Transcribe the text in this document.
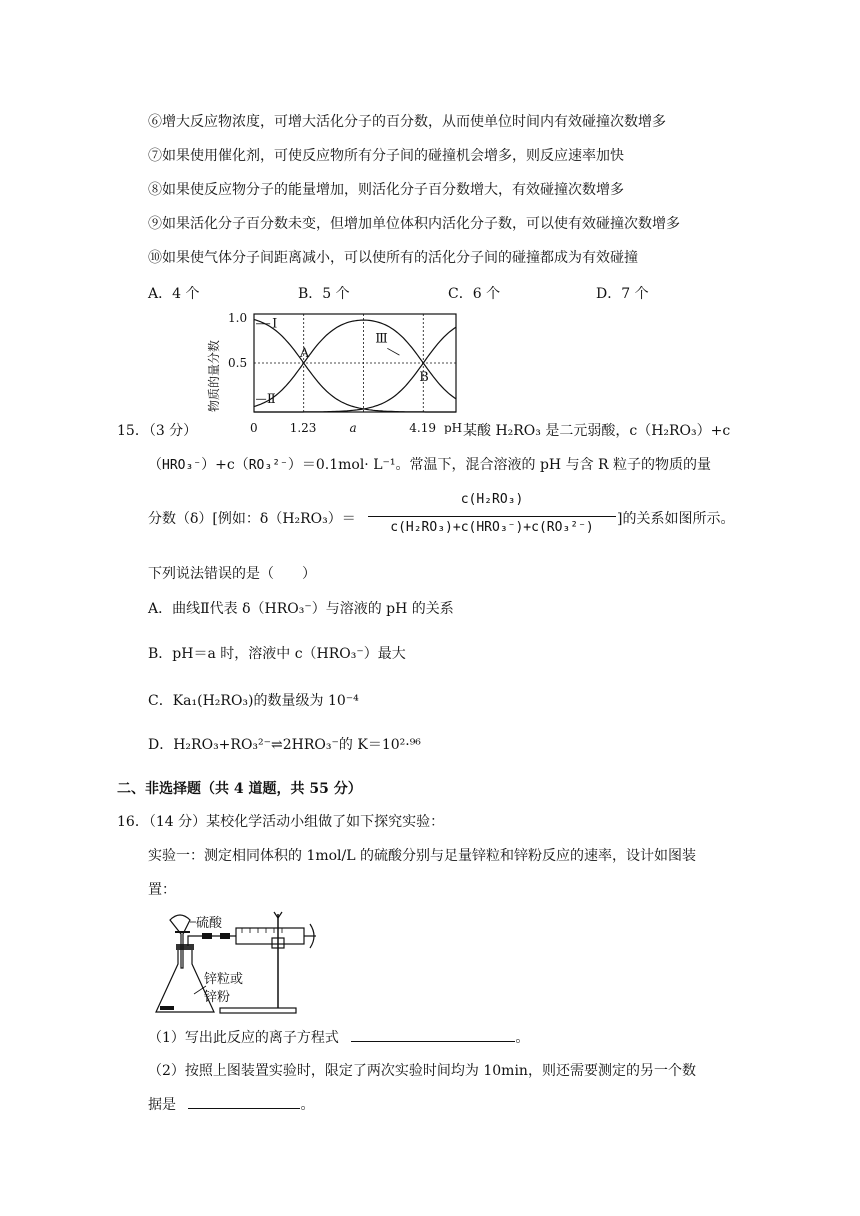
⑥增大反应物浓度，可增大活化分子的百分数，从而使单位时间内有效碰撞次数增多
⑦如果使用催化剂，可使反应物所有分子间的碰撞机会增多，则反应速率加快
⑧如果使反应物分子的能量增加，则活化分子百分数增大，有效碰撞次数增多
⑨如果活化分子百分数未变，但增加单位体积内活化分子数，可以使有效碰撞次数增多
⑩如果使气体分子间距离减小，可以使所有的活化分子间的碰撞都成为有效碰撞
A．4 个	B．5 个	C．6 个	D．7 个
Ⅰ
Ⅱ
Ⅲ
A
B
1.0
0.5
物质的量分数
0	1.23	a	4.19 pH
15．（3 分）	某酸 H₂RO₃ 是二元弱酸，c（H₂RO₃）+c
（HRO₃⁻）+c（RO₃²⁻）＝0.1mol· L⁻¹。常温下，混合溶液的 pH 与含 R 粒子的物质的量
分数（δ）[例如：δ（H₂RO₃）＝
c(H₂RO₃)
c(H₂RO₃)+c(HRO₃⁻)+c(RO₃²⁻)
]的关系如图所示。
下列说法错误的是（　　）
A．曲线Ⅱ代表 δ（HRO₃⁻）与溶液的 pH 的关系
B．pH＝a 时，溶液中 c（HRO₃⁻）最大
C．Ka₁(H₂RO₃)的数量级为 10⁻⁴
D．H₂RO₃+RO₃²⁻⇌2HRO₃⁻的 K＝10²·⁹⁶
二、非选择题（共 4 道题，共 55 分）
16．（14 分）某校化学活动小组做了如下探究实验：
实验一：测定相同体积的 1mol/L 的硫酸分别与足量锌粒和锌粉反应的速率，设计如图装
置：
硫酸
锌粒或
锌粉
（1）写出此反应的离子方程式	。
（2）按照上图装置实验时，限定了两次实验时间均为 10min，则还需要测定的另一个数
据是	。
